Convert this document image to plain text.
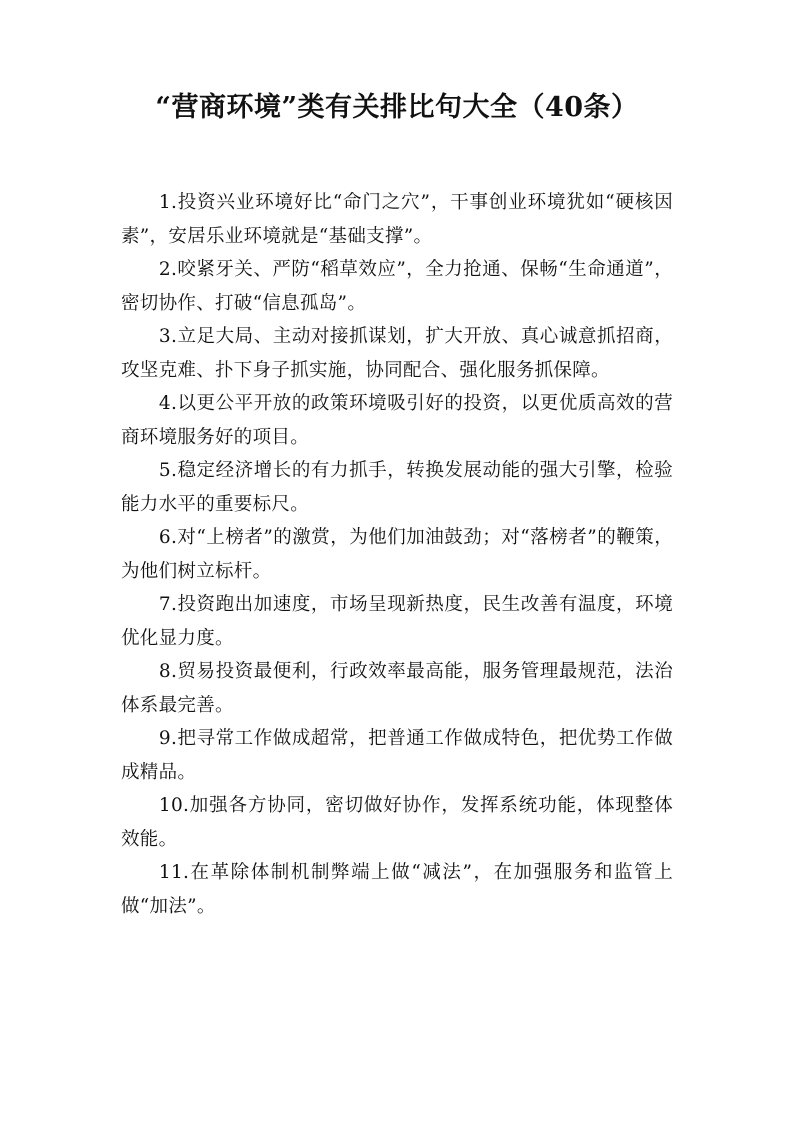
“营商环境”类有关排比句大全（40条）

1.投资兴业环境好比“命门之穴”，干事创业环境犹如“硬核因素”，安居乐业环境就是“基础支撑”。

2.咬紧牙关、严防“稻草效应”，全力抢通、保畅“生命通道”，密切协作、打破“信息孤岛”。

3.立足大局、主动对接抓谋划，扩大开放、真心诚意抓招商，攻坚克难、扑下身子抓实施，协同配合、强化服务抓保障。

4.以更公平开放的政策环境吸引好的投资，以更优质高效的营商环境服务好的项目。

5.稳定经济增长的有力抓手，转换发展动能的强大引擎，检验能力水平的重要标尺。

6.对“上榜者”的激赏，为他们加油鼓劲；对“落榜者”的鞭策，为他们树立标杆。

7.投资跑出加速度，市场呈现新热度，民生改善有温度，环境优化显力度。

8.贸易投资最便利，行政效率最高能，服务管理最规范，法治体系最完善。

9.把寻常工作做成超常，把普通工作做成特色，把优势工作做成精品。

10.加强各方协同，密切做好协作，发挥系统功能，体现整体效能。

11.在革除体制机制弊端上做“减法”，在加强服务和监管上做“加法”。
